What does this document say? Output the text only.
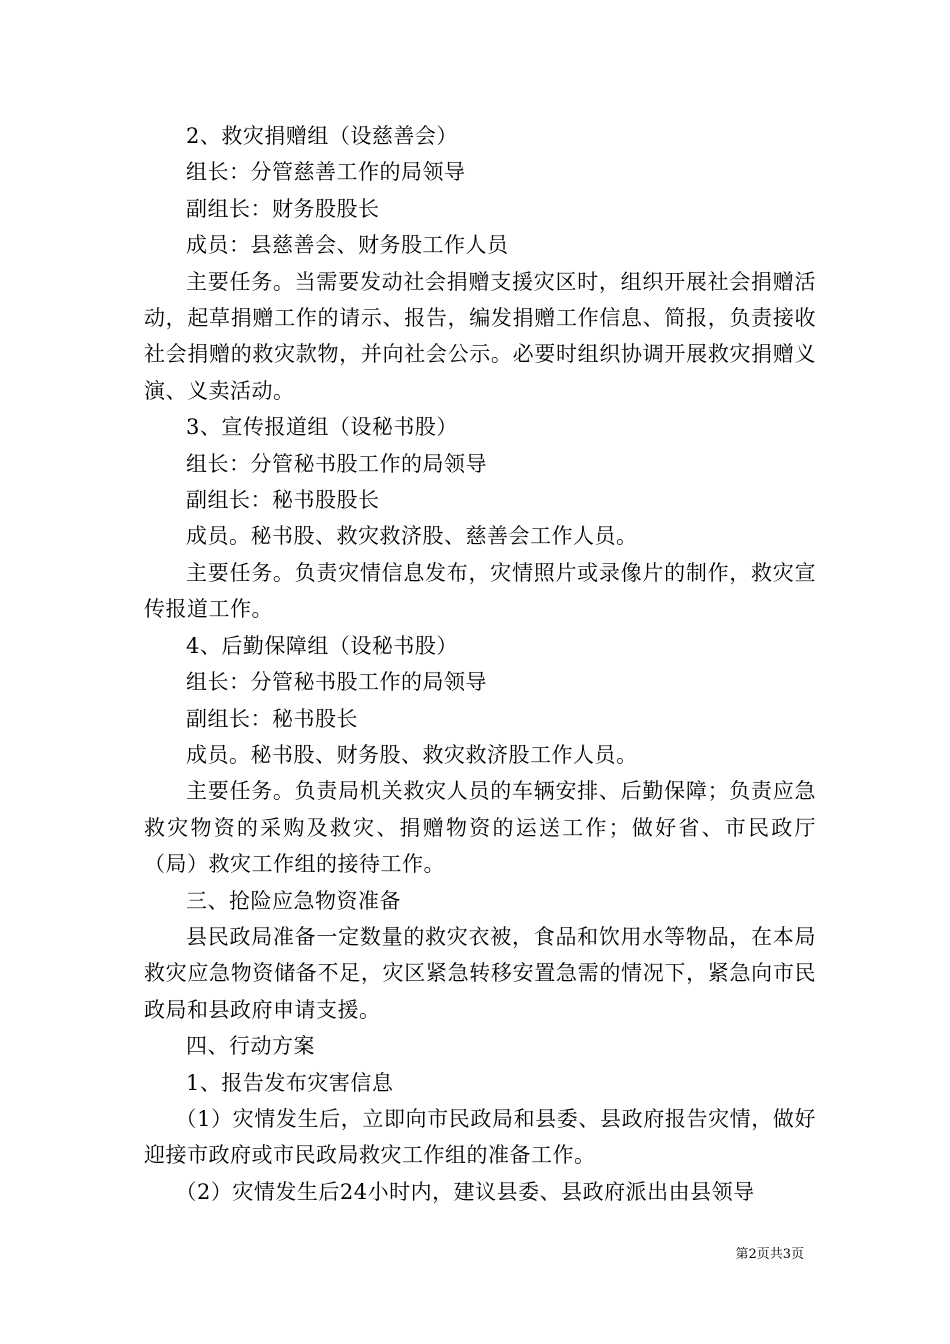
2、救灾捐赠组（设慈善会）

组长：分管慈善工作的局领导

副组长：财务股股长

成员：县慈善会、财务股工作人员

主要任务。当需要发动社会捐赠支援灾区时，组织开展社会捐赠活动，起草捐赠工作的请示、报告，编发捐赠工作信息、简报，负责接收社会捐赠的救灾款物，并向社会公示。必要时组织协调开展救灾捐赠义演、义卖活动。

3、宣传报道组（设秘书股）

组长：分管秘书股工作的局领导

副组长：秘书股股长

成员。秘书股、救灾救济股、慈善会工作人员。

主要任务。负责灾情信息发布，灾情照片或录像片的制作，救灾宣传报道工作。

4、后勤保障组（设秘书股）

组长：分管秘书股工作的局领导

副组长：秘书股长

成员。秘书股、财务股、救灾救济股工作人员。

主要任务。负责局机关救灾人员的车辆安排、后勤保障；负责应急救灾物资的采购及救灾、捐赠物资的运送工作；做好省、市民政厅（局）救灾工作组的接待工作。

三、抢险应急物资准备

县民政局准备一定数量的救灾衣被，食品和饮用水等物品，在本局救灾应急物资储备不足，灾区紧急转移安置急需的情况下，紧急向市民政局和县政府申请支援。

四、行动方案

1、报告发布灾害信息

（1）灾情发生后，立即向市民政局和县委、县政府报告灾情，做好迎接市政府或市民政局救灾工作组的准备工作。

（2）灾情发生后24小时内，建议县委、县政府派出由县领导

第2页共3页
